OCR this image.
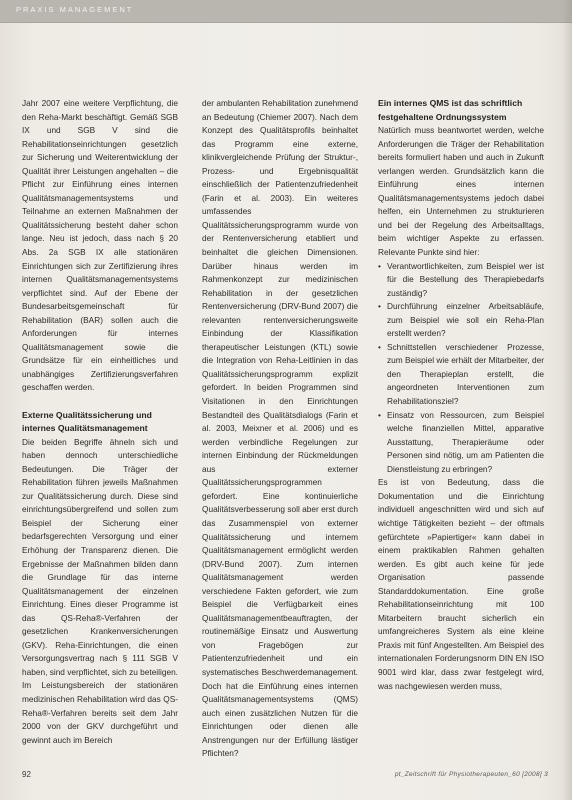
PRAXIS MANAGEMENT

Jahr 2007 eine weitere Verpflichtung, die den Reha-Markt beschäftigt. Gemäß SGB IX und SGB V sind die Rehabilitationseinrichtungen gesetzlich zur Sicherung und Weiterentwicklung der Qualität ihrer Leistungen angehalten – die Pflicht zur Einführung eines internen Qualitätsmanagementsystems und Teilnahme an externen Maßnahmen der Qualitätssicherung besteht daher schon lange. Neu ist jedoch, dass nach § 20 Abs. 2a SGB IX alle stationären Einrichtungen sich zur Zertifizierung ihres internen Qualitätsmanagementsystems verpflichtet sind. Auf der Ebene der Bundesarbeitsgemeinschaft für Rehabilitation (BAR) sollen auch die Anforderungen für internes Qualitätsmanagement sowie die Grundsätze für ein einheitliches und unabhängiges Zertifizierungsverfahren geschaffen werden.

Externe Qualitätssicherung und internes Qualitätsmanagement

Die beiden Begriffe ähneln sich und haben dennoch unterschiedliche Bedeutungen. Die Träger der Rehabilitation führen jeweils Maßnahmen zur Qualitätssicherung durch. Diese sind einrichtungsübergreifend und sollen zum Beispiel der Sicherung einer bedarfsgerechten Versorgung und einer Erhöhung der Transparenz dienen. Die Ergebnisse der Maßnahmen bilden dann die Grundlage für das interne Qualitätsmanagement der einzelnen Einrichtung. Eines dieser Programme ist das QS-Reha®-Verfahren der gesetzlichen Krankenversicherungen (GKV). Reha-Einrichtungen, die einen Versorgungsvertrag nach § 111 SGB V haben, sind verpflichtet, sich zu beteiligen. Im Leistungsbereich der stationären medizinischen Rehabilitation wird das QS-Reha®-Verfahren bereits seit dem Jahr 2000 von der GKV durchgeführt und gewinnt auch im Bereich

der ambulanten Rehabilitation zunehmend an Bedeutung (Chiemer 2007). Nach dem Konzept des Qualitätsprofils beinhaltet das Programm eine externe, klinikvergleichende Prüfung der Struktur-, Prozess- und Ergebnisqualität einschließlich der Patientenzufriedenheit (Farin et al. 2003). Ein weiteres umfassendes Qualitätssicherungsprogramm wurde von der Rentenversicherung etabliert und beinhaltet die gleichen Dimensionen. Darüber hinaus werden im Rahmenkonzept zur medizinischen Rehabilitation in der gesetzlichen Rentenversicherung (DRV-Bund 2007) die relevanten rentenversicherungsweite Einbindung der Klassifikation therapeutischer Leistungen (KTL) sowie die Integration von Reha-Leitlinien in das Qualitätssicherungsprogramm explizit gefordert. In beiden Programmen sind Visitationen in den Einrichtungen Bestandteil des Qualitätsdialogs (Farin et al. 2003, Meixner et al. 2006) und es werden verbindliche Regelungen zur internen Einbindung der Rückmeldungen aus externer Qualitätssicherungsprogrammen gefordert. Eine kontinuierliche Qualitätsverbesserung soll aber erst durch das Zusammenspiel von externer Qualitätssicherung und internem Qualitätsmanagement ermöglicht werden (DRV-Bund 2007). Zum internen Qualitätsmanagement werden verschiedene Fakten gefordert, wie zum Beispiel die Verfügbarkeit eines Qualitätsmanagementbeauftragten, der routinemäßige Einsatz und Auswertung von Fragebögen zur Patientenzufriedenheit und ein systematisches Beschwerdemanagement. Doch hat die Einführung eines internen Qualitätsmanagementsystems (QMS) auch einen zusätzlichen Nutzen für die Einrichtungen oder dienen alle Anstrengungen nur der Erfüllung lästiger Pflichten?

Ein internes QMS ist das schriftlich festgehaltene Ordnungssystem

Natürlich muss beantwortet werden, welche Anforderungen die Träger der Rehabilitation bereits formuliert haben und auch in Zukunft verlangen werden. Grundsätzlich kann die Einführung eines internen Qualitätsmanagementsystems jedoch dabei helfen, ein Unternehmen zu strukturieren und bei der Regelung des Arbeitsalltags, beim wichtiger Aspekte zu erfassen. Relevante Punkte sind hier:

• Verantwortlichkeiten, zum Beispiel wer ist für die Bestellung des Therapiebedarfs zuständig?
• Durchführung einzelner Arbeitsabläufe, zum Beispiel wie soll ein Reha-Plan erstellt werden?
• Schnittstellen verschiedener Prozesse, zum Beispiel wie erhält der Mitarbeiter, der den Therapieplan erstellt, die angeordneten Interventionen zum Rehabilitationsziel?
• Einsatz von Ressourcen, zum Beispiel welche finanziellen Mittel, apparative Ausstattung, Therapieräume oder Personen sind nötig, um am Patienten die Dienstleistung zu erbringen?

Es ist von Bedeutung, dass die Dokumentation und die Einrichtung individuell angeschnitten wird und sich auf wichtige Tätigkeiten bezieht – der oftmals gefürchtete »Papiertiger« kann dabei in einem praktikablen Rahmen gehalten werden. Es gibt auch keine für jede Organisation passende Standarddokumentation. Eine große Rehabilitationseinrichtung mit 100 Mitarbeitern braucht sicherlich ein umfangreicheres System als eine kleine Praxis mit fünf Angestellten. Am Beispiel des internationalen Forderungsnorm DIN EN ISO 9001 wird klar, dass zwar festgelegt wird, was nachgewiesen werden muss,

92	pt_Zeitschrift für Physiotherapeuten_60 [2008] 3
